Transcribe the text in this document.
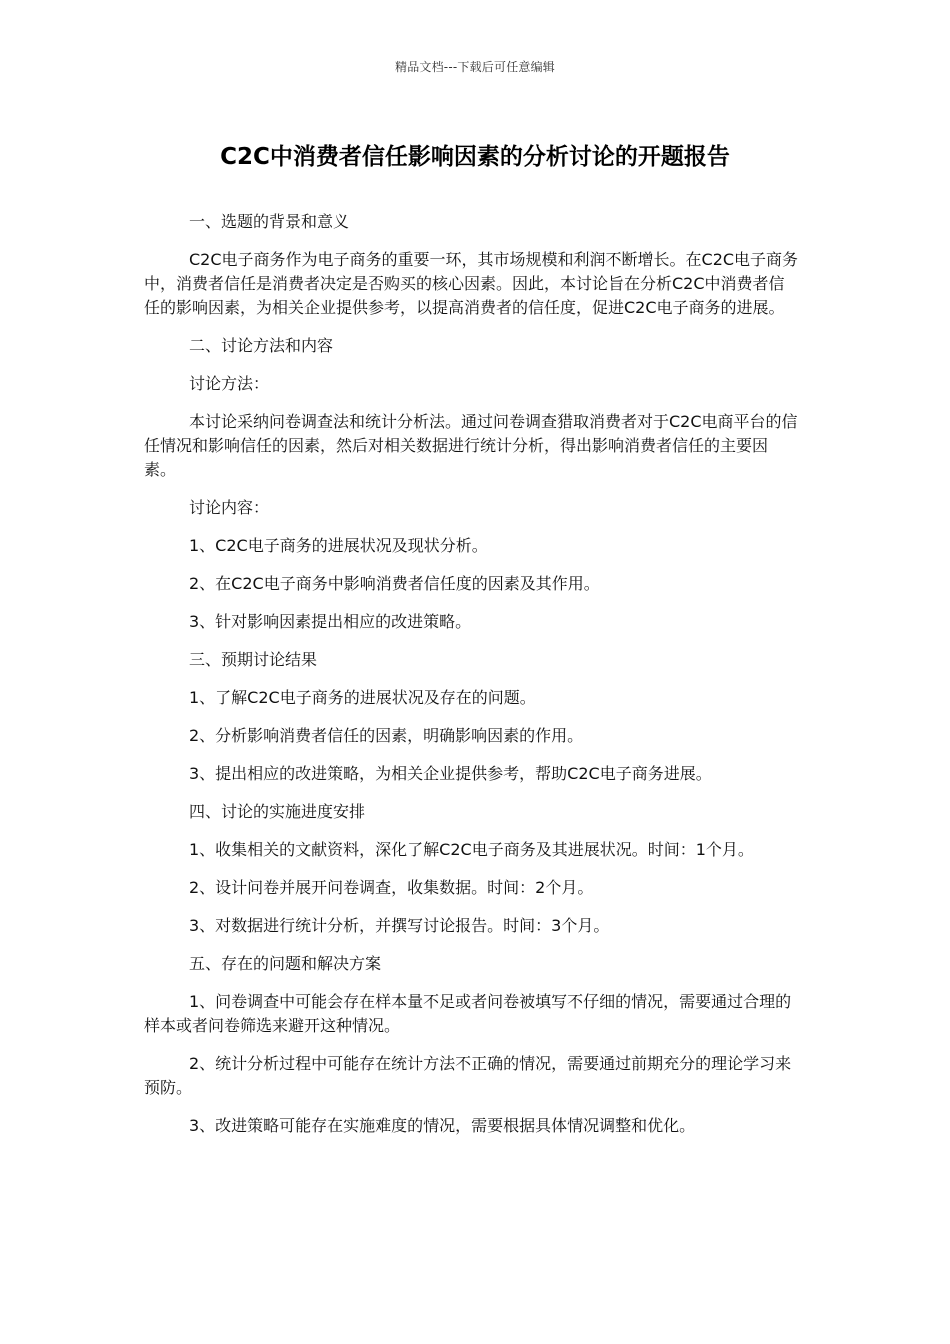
精品文档---下载后可任意编辑
C2C中消费者信任影响因素的分析讨论的开题报告

一、选题的背景和意义

C2C电子商务作为电子商务的重要一环，其市场规模和利润不断增长。在C2C电子商务中，消费者信任是消费者决定是否购买的核心因素。因此，本讨论旨在分析C2C中消费者信任的影响因素，为相关企业提供参考，以提高消费者的信任度，促进C2C电子商务的进展。

二、讨论方法和内容

讨论方法：

本讨论采纳问卷调查法和统计分析法。通过问卷调查猎取消费者对于C2C电商平台的信任情况和影响信任的因素，然后对相关数据进行统计分析，得出影响消费者信任的主要因素。

讨论内容：

1、C2C电子商务的进展状况及现状分析。

2、在C2C电子商务中影响消费者信任度的因素及其作用。

3、针对影响因素提出相应的改进策略。

三、预期讨论结果

1、了解C2C电子商务的进展状况及存在的问题。

2、分析影响消费者信任的因素，明确影响因素的作用。

3、提出相应的改进策略，为相关企业提供参考，帮助C2C电子商务进展。

四、讨论的实施进度安排

1、收集相关的文献资料，深化了解C2C电子商务及其进展状况。时间：1个月。

2、设计问卷并展开问卷调查，收集数据。时间：2个月。

3、对数据进行统计分析，并撰写讨论报告。时间：3个月。

五、存在的问题和解决方案

1、问卷调查中可能会存在样本量不足或者问卷被填写不仔细的情况，需要通过合理的样本或者问卷筛选来避开这种情况。

2、统计分析过程中可能存在统计方法不正确的情况，需要通过前期充分的理论学习来预防。

3、改进策略可能存在实施难度的情况，需要根据具体情况调整和优化。
